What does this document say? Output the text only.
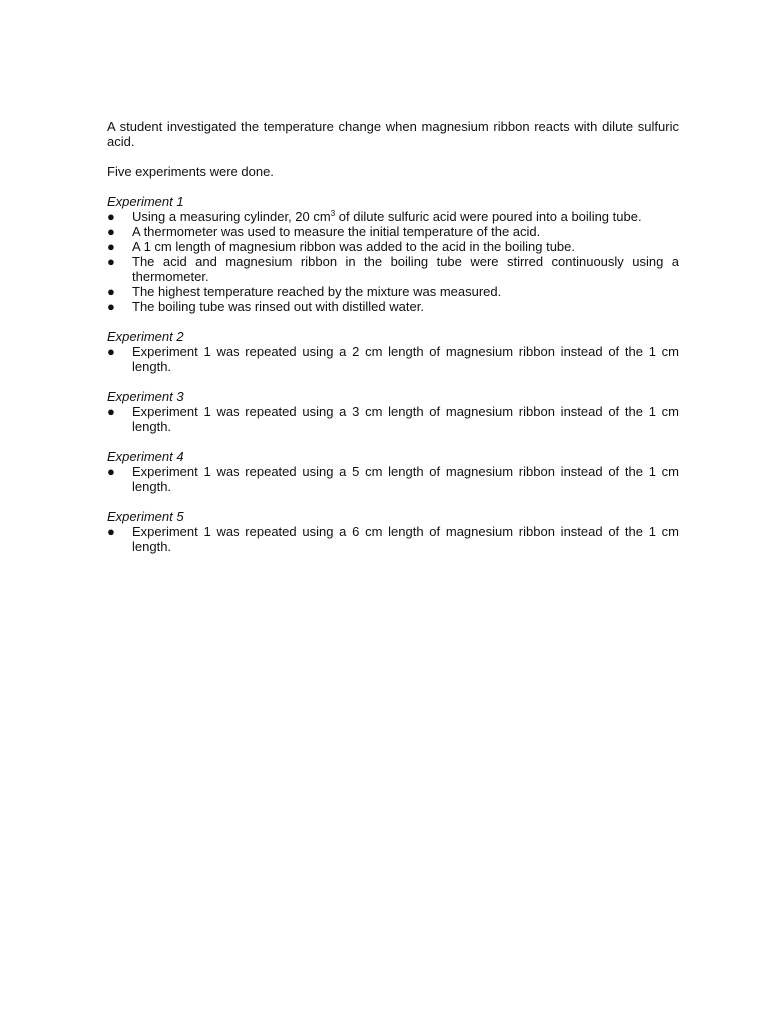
A student investigated the temperature change when magnesium ribbon reacts with dilute sulfuric acid.

Five experiments were done.

Experiment 1

●	Using a measuring cylinder, 20 $cm^3$ of dilute sulfuric acid were poured into a boiling tube.
●	A thermometer was used to measure the initial temperature of the acid.
●	A 1 cm length of magnesium ribbon was added to the acid in the boiling tube.
●	The acid and magnesium ribbon in the boiling tube were stirred continuously using a thermometer.
●	The highest temperature reached by the mixture was measured.
●	The boiling tube was rinsed out with distilled water.

Experiment 2

●	Experiment 1 was repeated using a 2 cm length of magnesium ribbon instead of the 1 cm length.

Experiment 3

●	Experiment 1 was repeated using a 3 cm length of magnesium ribbon instead of the 1 cm length.

Experiment 4

●	Experiment 1 was repeated using a 5 cm length of magnesium ribbon instead of the 1 cm length.

Experiment 5

●	Experiment 1 was repeated using a 6 cm length of magnesium ribbon instead of the 1 cm length.
